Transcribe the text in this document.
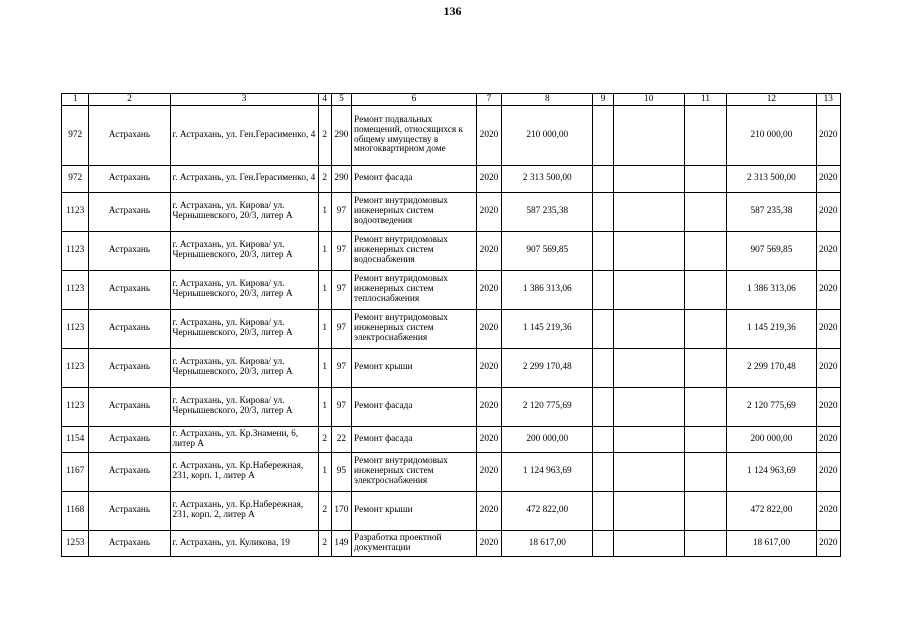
136
1	2	3	4	5	6	7	8	9	10	11	12	13
972	Астрахань	г. Астрахань, ул. Ген.Герасименко, 4	2	290	Ремонт подвальных помещений, относящихся к общему имуществу в многоквартирном доме	2020	210 000,00				210 000,00	2020
972	Астрахань	г. Астрахань, ул. Ген.Герасименко, 4	2	290	Ремонт фасада	2020	2 313 500,00				2 313 500,00	2020
1123	Астрахань	г. Астрахань, ул. Кирова/ ул. Чернышевского, 20/3, литер А	1	97	Ремонт внутридомовых инженерных систем водоотведения	2020	587 235,38				587 235,38	2020
1123	Астрахань	г. Астрахань, ул. Кирова/ ул. Чернышевского, 20/3, литер А	1	97	Ремонт внутридомовых инженерных систем водоснабжения	2020	907 569,85				907 569,85	2020
1123	Астрахань	г. Астрахань, ул. Кирова/ ул. Чернышевского, 20/3, литер А	1	97	Ремонт внутридомовых инженерных систем теплоснабжения	2020	1 386 313,06				1 386 313,06	2020
1123	Астрахань	г. Астрахань, ул. Кирова/ ул. Чернышевского, 20/3, литер А	1	97	Ремонт внутридомовых инженерных систем электроснабжения	2020	1 145 219,36				1 145 219,36	2020
1123	Астрахань	г. Астрахань, ул. Кирова/ ул. Чернышевского, 20/3, литер А	1	97	Ремонт крыши	2020	2 299 170,48				2 299 170,48	2020
1123	Астрахань	г. Астрахань, ул. Кирова/ ул. Чернышевского, 20/3, литер А	1	97	Ремонт фасада	2020	2 120 775,69				2 120 775,69	2020
1154	Астрахань	г. Астрахань, ул. Кр.Знамени, 6, литер А	2	22	Ремонт фасада	2020	200 000,00				200 000,00	2020
1167	Астрахань	г. Астрахань, ул. Кр.Набережная, 231, корп. 1, литер А	1	95	Ремонт внутридомовых инженерных систем электроснабжения	2020	1 124 963,69				1 124 963,69	2020
1168	Астрахань	г. Астрахань, ул. Кр.Набережная, 231, корп. 2, литер А	2	170	Ремонт крыши	2020	472 822,00				472 822,00	2020
1253	Астрахань	г. Астрахань, ул. Куликова, 19	2	149	Разработка проектной документации	2020	18 617,00				18 617,00	2020
